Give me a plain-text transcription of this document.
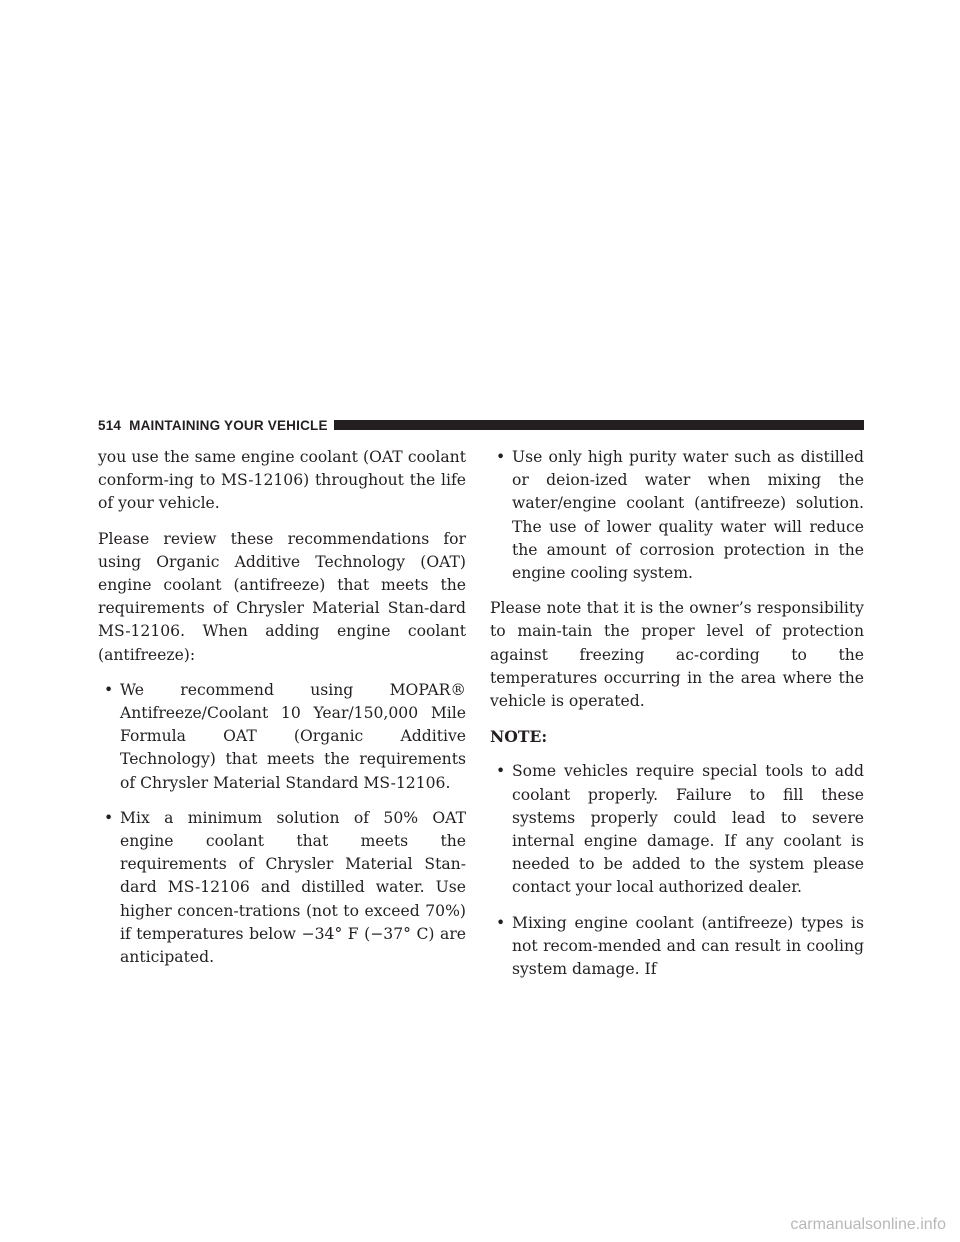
514 MAINTAINING YOUR VEHICLE

you use the same engine coolant (OAT coolant conform-ing to MS-12106) throughout the life of your vehicle.

Please review these recommendations for using Organic Additive Technology (OAT) engine coolant (antifreeze) that meets the requirements of Chrysler Material Stan-dard MS-12106. When adding engine coolant (antifreeze):

• We recommend using MOPAR® Antifreeze/Coolant 10 Year/150,000 Mile Formula OAT (Organic Additive Technology) that meets the requirements of Chrysler Material Standard MS-12106.
• Mix a minimum solution of 50% OAT engine coolant that meets the requirements of Chrysler Material Stan-dard MS-12106 and distilled water. Use higher concen-trations (not to exceed 70%) if temperatures below −34° F (−37° C) are anticipated.
• Use only high purity water such as distilled or deion-ized water when mixing the water/engine coolant (antifreeze) solution. The use of lower quality water will reduce the amount of corrosion protection in the engine cooling system.

Please note that it is the owner’s responsibility to main-tain the proper level of protection against freezing ac-cording to the temperatures occurring in the area where the vehicle is operated.

NOTE:
• Some vehicles require special tools to add coolant properly. Failure to fill these systems properly could lead to severe internal engine damage. If any coolant is needed to be added to the system please contact your local authorized dealer.
• Mixing engine coolant (antifreeze) types is not recom-mended and can result in cooling system damage. If
carmanualsonline.info
